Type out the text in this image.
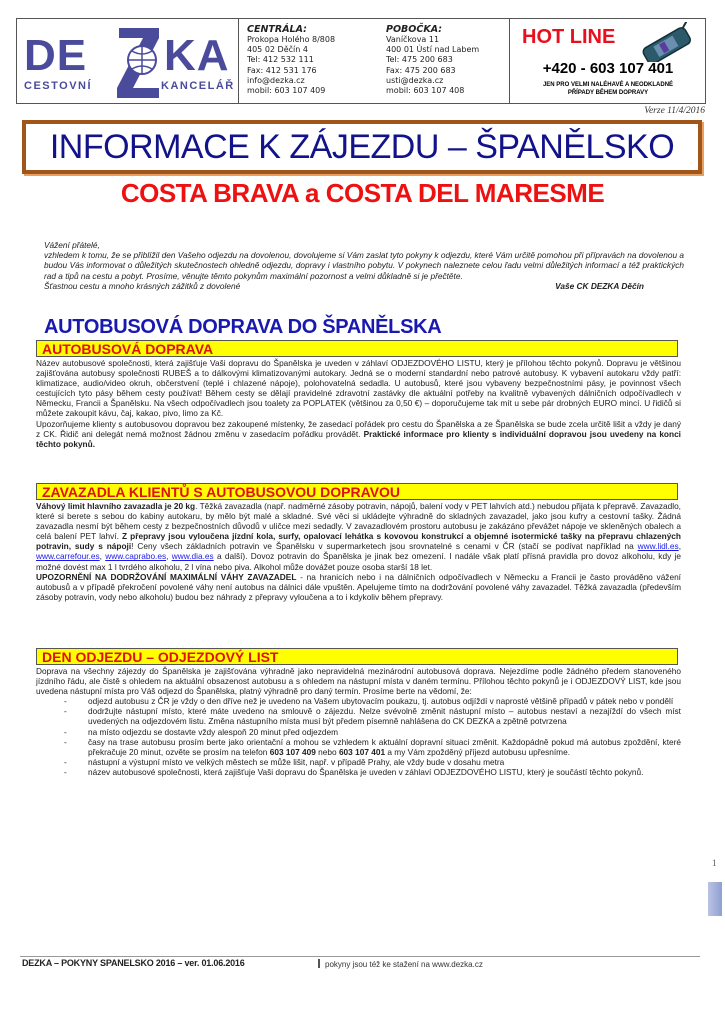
DE KA
CESTOVNÍ	KANCELÁŘ
CENTRÁLA:
Prokopa Holého 8/808
405 02 Děčín 4
Tel: 412 532 111
Fax: 412 531 176
info@dezka.cz
mobil: 603 107 409
POBOČKA:
Vaníčkova 11
400 01 Ústí nad Labem
Tel: 475 200 683
Fax: 475 200 683
usti@dezka.cz
mobil: 603 107 408
HOT LINE
+420 - 603 107 401
JEN PRO VELMI NALÉHAVÉ A NEODKLADNÉ
PŘÍPADY BĚHEM DOPRAVY
Verze 11/4/2016
INFORMACE K ZÁJEZDU – ŠPANĚLSKO
COSTA BRAVA a COSTA DEL MARESME

Vážení přátelé,

vzhledem k tomu, že se přiblížil den Vašeho odjezdu na dovolenou, dovolujeme si Vám zaslat tyto pokyny k odjezdu, které Vám určitě pomohou při přípravách na dovolenou a budou Vás informovat o důležitých skutečnostech ohledně odjezdu, dopravy i vlastního pobytu. V pokynech naleznete celou řadu velmi důležitých informací a též praktických rad a tipů na cestu a pobyt. Prosíme, věnujte těmto pokynům maximální pozornost a velmi důkladně si je přečtěte.

Šťastnou cestu a mnoho krásných zážitků z dovolené	Vaše CK DEZKA Děčín
AUTOBUSOVÁ DOPRAVA DO ŠPANĚLSKA
AUTOBUSOVÁ DOPRAVA

Název autobusové společnosti, která zajišťuje Vaši dopravu do Španělska je uveden v záhlaví ODJEZDOVÉHO LISTU, který je přílohou těchto pokynů. Dopravu je většinou zajišťována autobusy společnosti RUBEŠ a to dálkovými klimatizovanými autokary. Jedná se o moderní standardní nebo patrové autobusy. K vybavení autokaru vždy patří: klimatizace, audio/video okruh, občerstvení (teplé i chlazené nápoje), polohovatelná sedadla. U autobusů, které jsou vybaveny bezpečnostními pásy, je povinnost všech cestujících tyto pásy během cesty používat! Během cesty se dělají pravidelné zdravotní zastávky dle aktuální potřeby na kvalitně vybavených dálničních odpočívadlech v Německu, Francii a Španělsku. Na všech odpočívadlech jsou toalety za POPLATEK (většinou za 0,50 €) – doporučujeme tak mít u sebe pár drobných EURO mincí. U řidičů si můžete zakoupit kávu, čaj, kakao, pivo, limo za Kč.

Upozorňujeme klienty s autobusovou dopravou bez zakoupené místenky, že zasedací pořádek pro cestu do Španělska a ze Španělska se bude zcela určitě lišit a vždy je daný z CK. Řidič ani delegát nemá možnost žádnou změnu v zasedacím pořádku provádět. Praktické informace pro klienty s individuální dopravou jsou uvedeny na konci těchto pokynů.

ZAVAZADLA KLIENTŮ S AUTOBUSOVOU DOPRAVOU

Váhový limit hlavního zavazadla je 20 kg. Těžká zavazadla (např. nadměrné zásoby potravin, nápojů, balení vody v PET lahvích atd.) nebudou přijata k přepravě. Zavazadlo, které si berete s sebou do kabiny autokaru, by mělo být malé a skladné. Své věci si ukládejte výhradně do skladných zavazadel, jako jsou kufry a cestovní tašky. Žádná zavazadla nesmí být během cesty z bezpečnostních důvodů v uličce mezi sedadly. V zavazadlovém prostoru autobusu je zakázáno převážet nápoje ve skleněných obalech a celá balení PET lahví. Z přepravy jsou vyloučena jízdní kola, surfy, opalovací lehátka s kovovou konstrukcí a objemné isotermické tašky na přepravu chlazených potravin, sudy s nápoji! Ceny všech základních potravin ve Španělsku v supermarketech jsou srovnatelné s cenami v ČR (stačí se podívat například na www.lidl.es, www.carrefour.es, www.caprabo.es, www.dia.es a další). Dovoz potravin do Španělska je jinak bez omezení. I nadále však platí přísná pravidla pro dovoz alkoholu, kdy je možné dovést max 1 l tvrdého alkoholu, 2 l vína nebo piva. Alkohol může dovážet pouze osoba starší 18 let.

UPOZORNĚNÍ NA DODRŽOVÁNÍ MAXIMÁLNÍ VÁHY ZAVAZADEL - na hranicích nebo i na dálničních odpočívadlech v Německu a Francii je často prováděno vážení autobusů a v případě překročení povolené váhy není autobus na dálnici dále vpuštěn. Apelujeme tímto na dodržování povolené váhy zavazadel. Těžká zavazadla (především zásoby potravin, vody nebo alkoholu) budou bez náhrady z přepravy vyloučena a to i kdykoliv během přepravy.

DEN ODJEZDU – ODJEZDOVÝ LIST

Doprava na všechny zájezdy do Španělska je zajišťována výhradně jako nepravidelná mezinárodní autobusová doprava. Nejezdíme podle žádného předem stanoveného jízdního řádu, ale čistě s ohledem na aktuální obsazenost autobusu a s ohledem na nástupní místa v daném termínu. Přílohou těchto pokynů je i ODJEZDOVÝ LIST, kde jsou uvedena nástupní místa pro Váš odjezd do Španělska, platný výhradně pro daný termín. Prosíme berte na vědomí, že:

- odjezd autobusu z ČR je vždy o den dříve než je uvedeno na Vašem ubytovacím poukazu, tj. autobus odjíždí v naprosté většině případů v pátek nebo v pondělí
- dodržujte nástupní místo, které máte uvedeno na smlouvě o zájezdu. Nelze svévolně změnit nástupní místo – autobus nestaví a nezajíždí do všech míst uvedených na odjezdovém listu. Změna nástupního místa musí být předem písemně nahlášena do CK DEZKA a zpětně potvrzena
- na místo odjezdu se dostavte vždy alespoň 20 minut před odjezdem
- časy na trase autobusu prosím berte jako orientační a mohou se vzhledem k aktuální dopravní situaci změnit. Každopádně pokud má autobus zpoždění, které překračuje 20 minut, ozvěte se prosím na telefon 603 107 409 nebo 603 107 401 a my Vám zpožděný příjezd autobusu upřesníme.
- nástupní a výstupní místo ve velkých městech se může lišit, např. v případě Prahy, ale vždy bude v dosahu metra
- název autobusové společnosti, která zajišťuje Vaši dopravu do Španělska je uveden v záhlaví ODJEZDOVÉHO LISTU, který je součástí těchto pokynů.
1
DEZKA – POKYNY SPANELSKO 2016 – ver. 01.06.2016	pokyny jsou též ke stažení na www.dezka.cz
